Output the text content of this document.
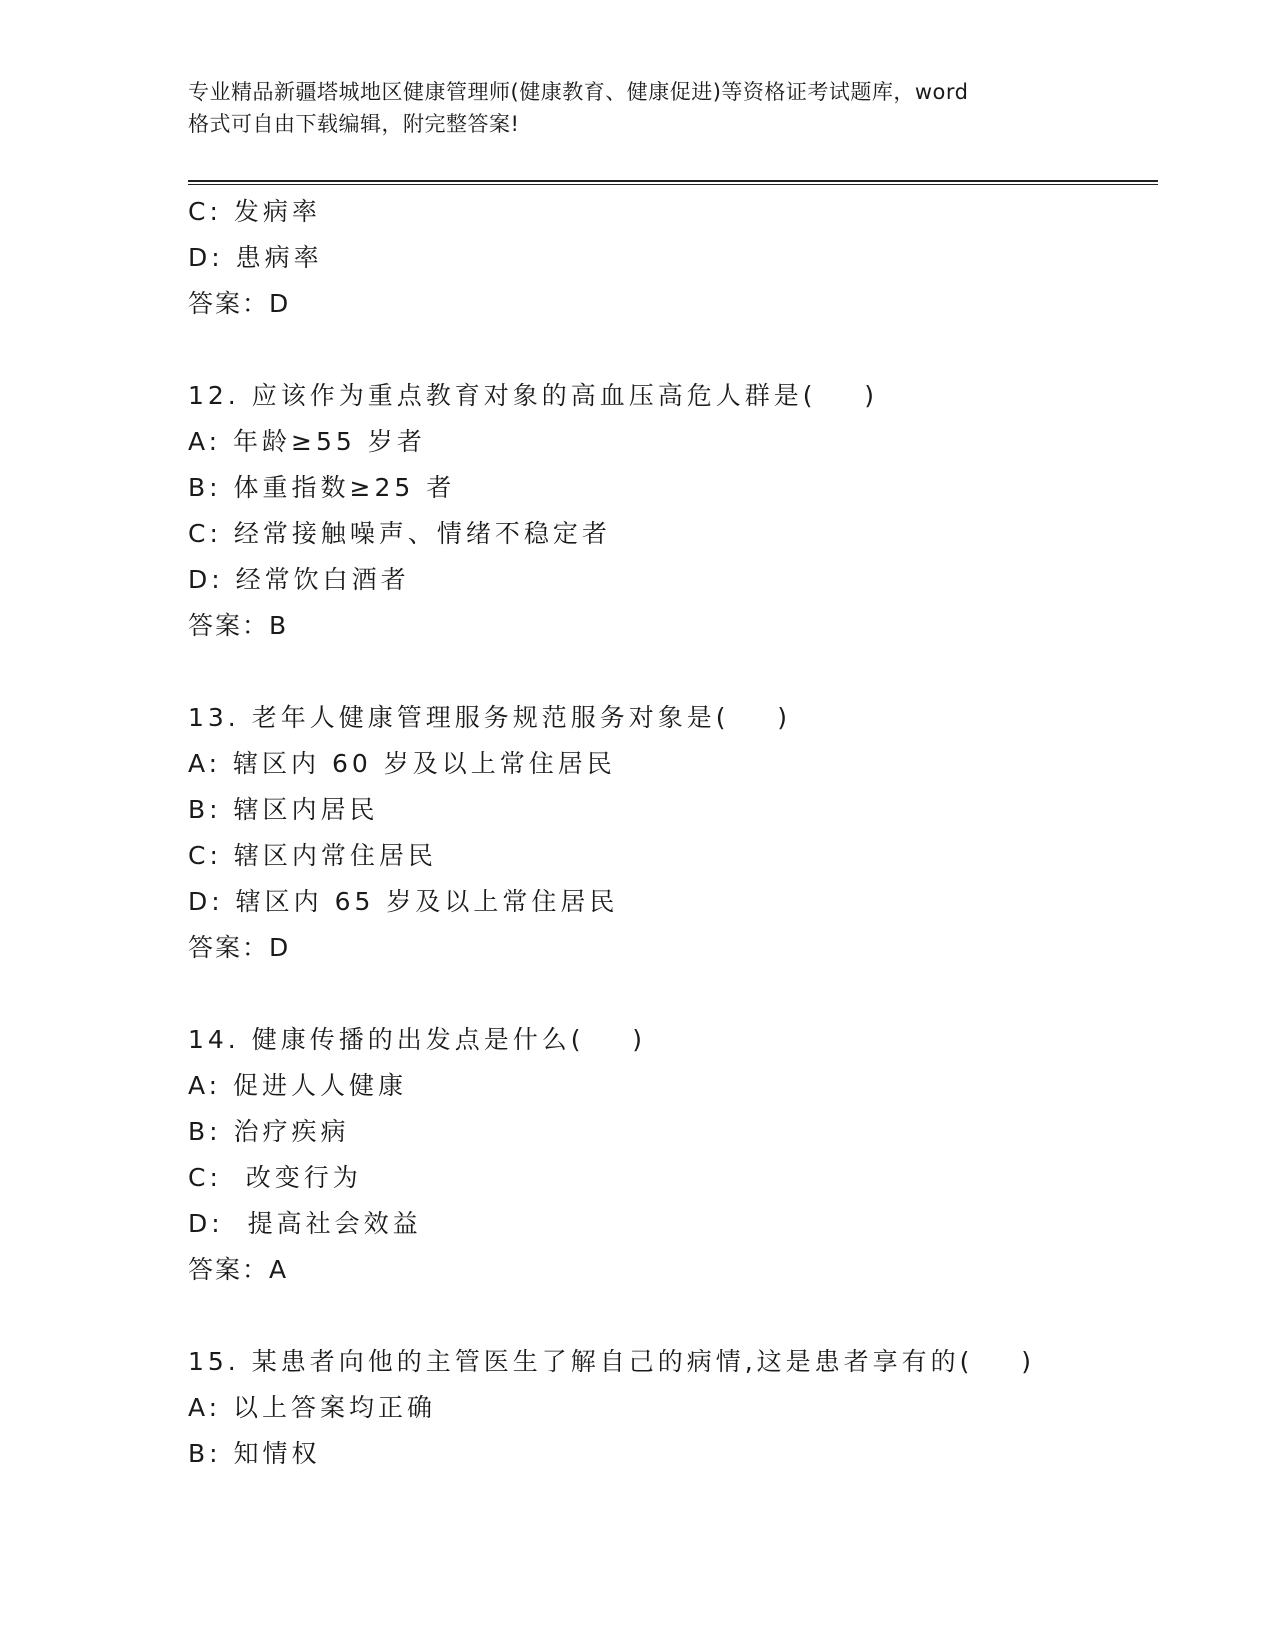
专业精品新疆塔城地区健康管理师(健康教育、健康促进)等资格证考试题库，word
格式可自由下载编辑，附完整答案!
C: 发病率
D: 患病率
答案：D
12. 应该作为重点教育对象的高血压高危人群是(    )
A: 年龄≥55 岁者
B: 体重指数≥25 者
C: 经常接触噪声、情绪不稳定者
D: 经常饮白酒者
答案：B
13. 老年人健康管理服务规范服务对象是(    )
A: 辖区内 60 岁及以上常住居民
B: 辖区内居民
C: 辖区内常住居民
D: 辖区内 65 岁及以上常住居民
答案：D
14. 健康传播的出发点是什么(    )
A: 促进人人健康
B: 治疗疾病
C:  改变行为
D:  提高社会效益
答案：A
15. 某患者向他的主管医生了解自己的病情,这是患者享有的(    )
A: 以上答案均正确
B: 知情权
